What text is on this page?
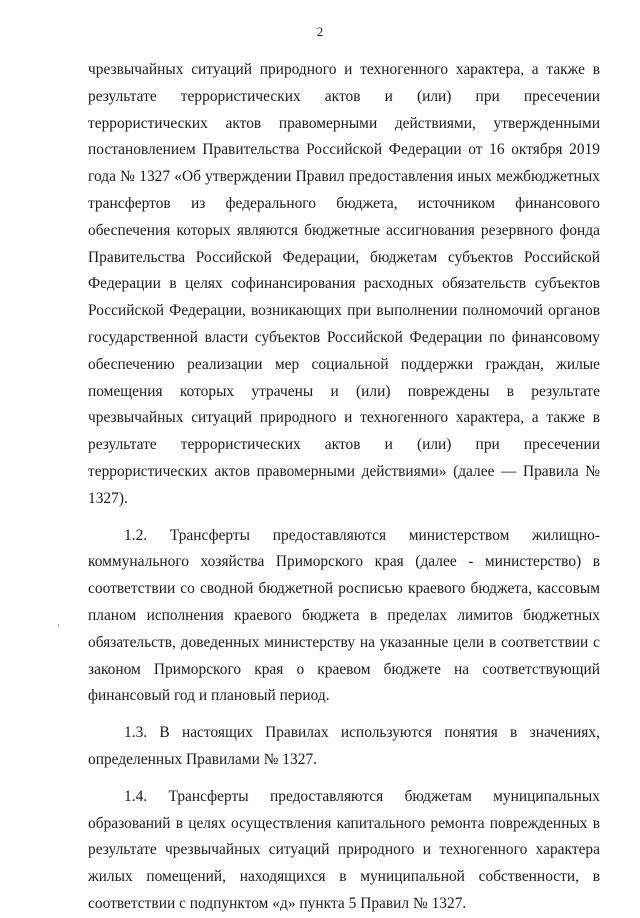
2

чрезвычайных ситуаций природного и техногенного характера, а также в результате террористических актов и (или) при пресечении террористических актов правомерными действиями, утвержденными постановлением Правительства Российской Федерации от 16 октября 2019 года № 1327 «Об утверждении Правил предоставления иных межбюджетных трансфертов из федерального бюджета, источником финансового обеспечения которых являются бюджетные ассигнования резервного фонда Правительства Российской Федерации, бюджетам субъектов Российской Федерации в целях софинансирования расходных обязательств субъектов Российской Федерации, возникающих при выполнении полномочий органов государственной власти субъектов Российской Федерации по финансовому обеспечению реализации мер социальной поддержки граждан, жилые помещения которых утрачены и (или) повреждены в результате чрезвычайных ситуаций природного и техногенного характера, а также в результате террористических актов и (или) при пресечении террористических актов правомерными действиями» (далее — Правила № 1327).

1.2. Трансферты предоставляются министерством жилищно-коммунального хозяйства Приморского края (далее - министерство) в соответствии со сводной бюджетной росписью краевого бюджета, кассовым планом исполнения краевого бюджета в пределах лимитов бюджетных обязательств, доведенных министерству на указанные цели в соответствии с законом Приморского края о краевом бюджете на соответствующий финансовый год и плановый период.

1.3. В настоящих Правилах используются понятия в значениях, определенных Правилами № 1327.

1.4. Трансферты предоставляются бюджетам муниципальных образований в целях осуществления капитального ремонта поврежденных в результате чрезвычайных ситуаций природного и техногенного характера жилых помещений, находящихся в муниципальной собственности, в соответствии с подпунктом «д» пункта 5 Правил № 1327.
